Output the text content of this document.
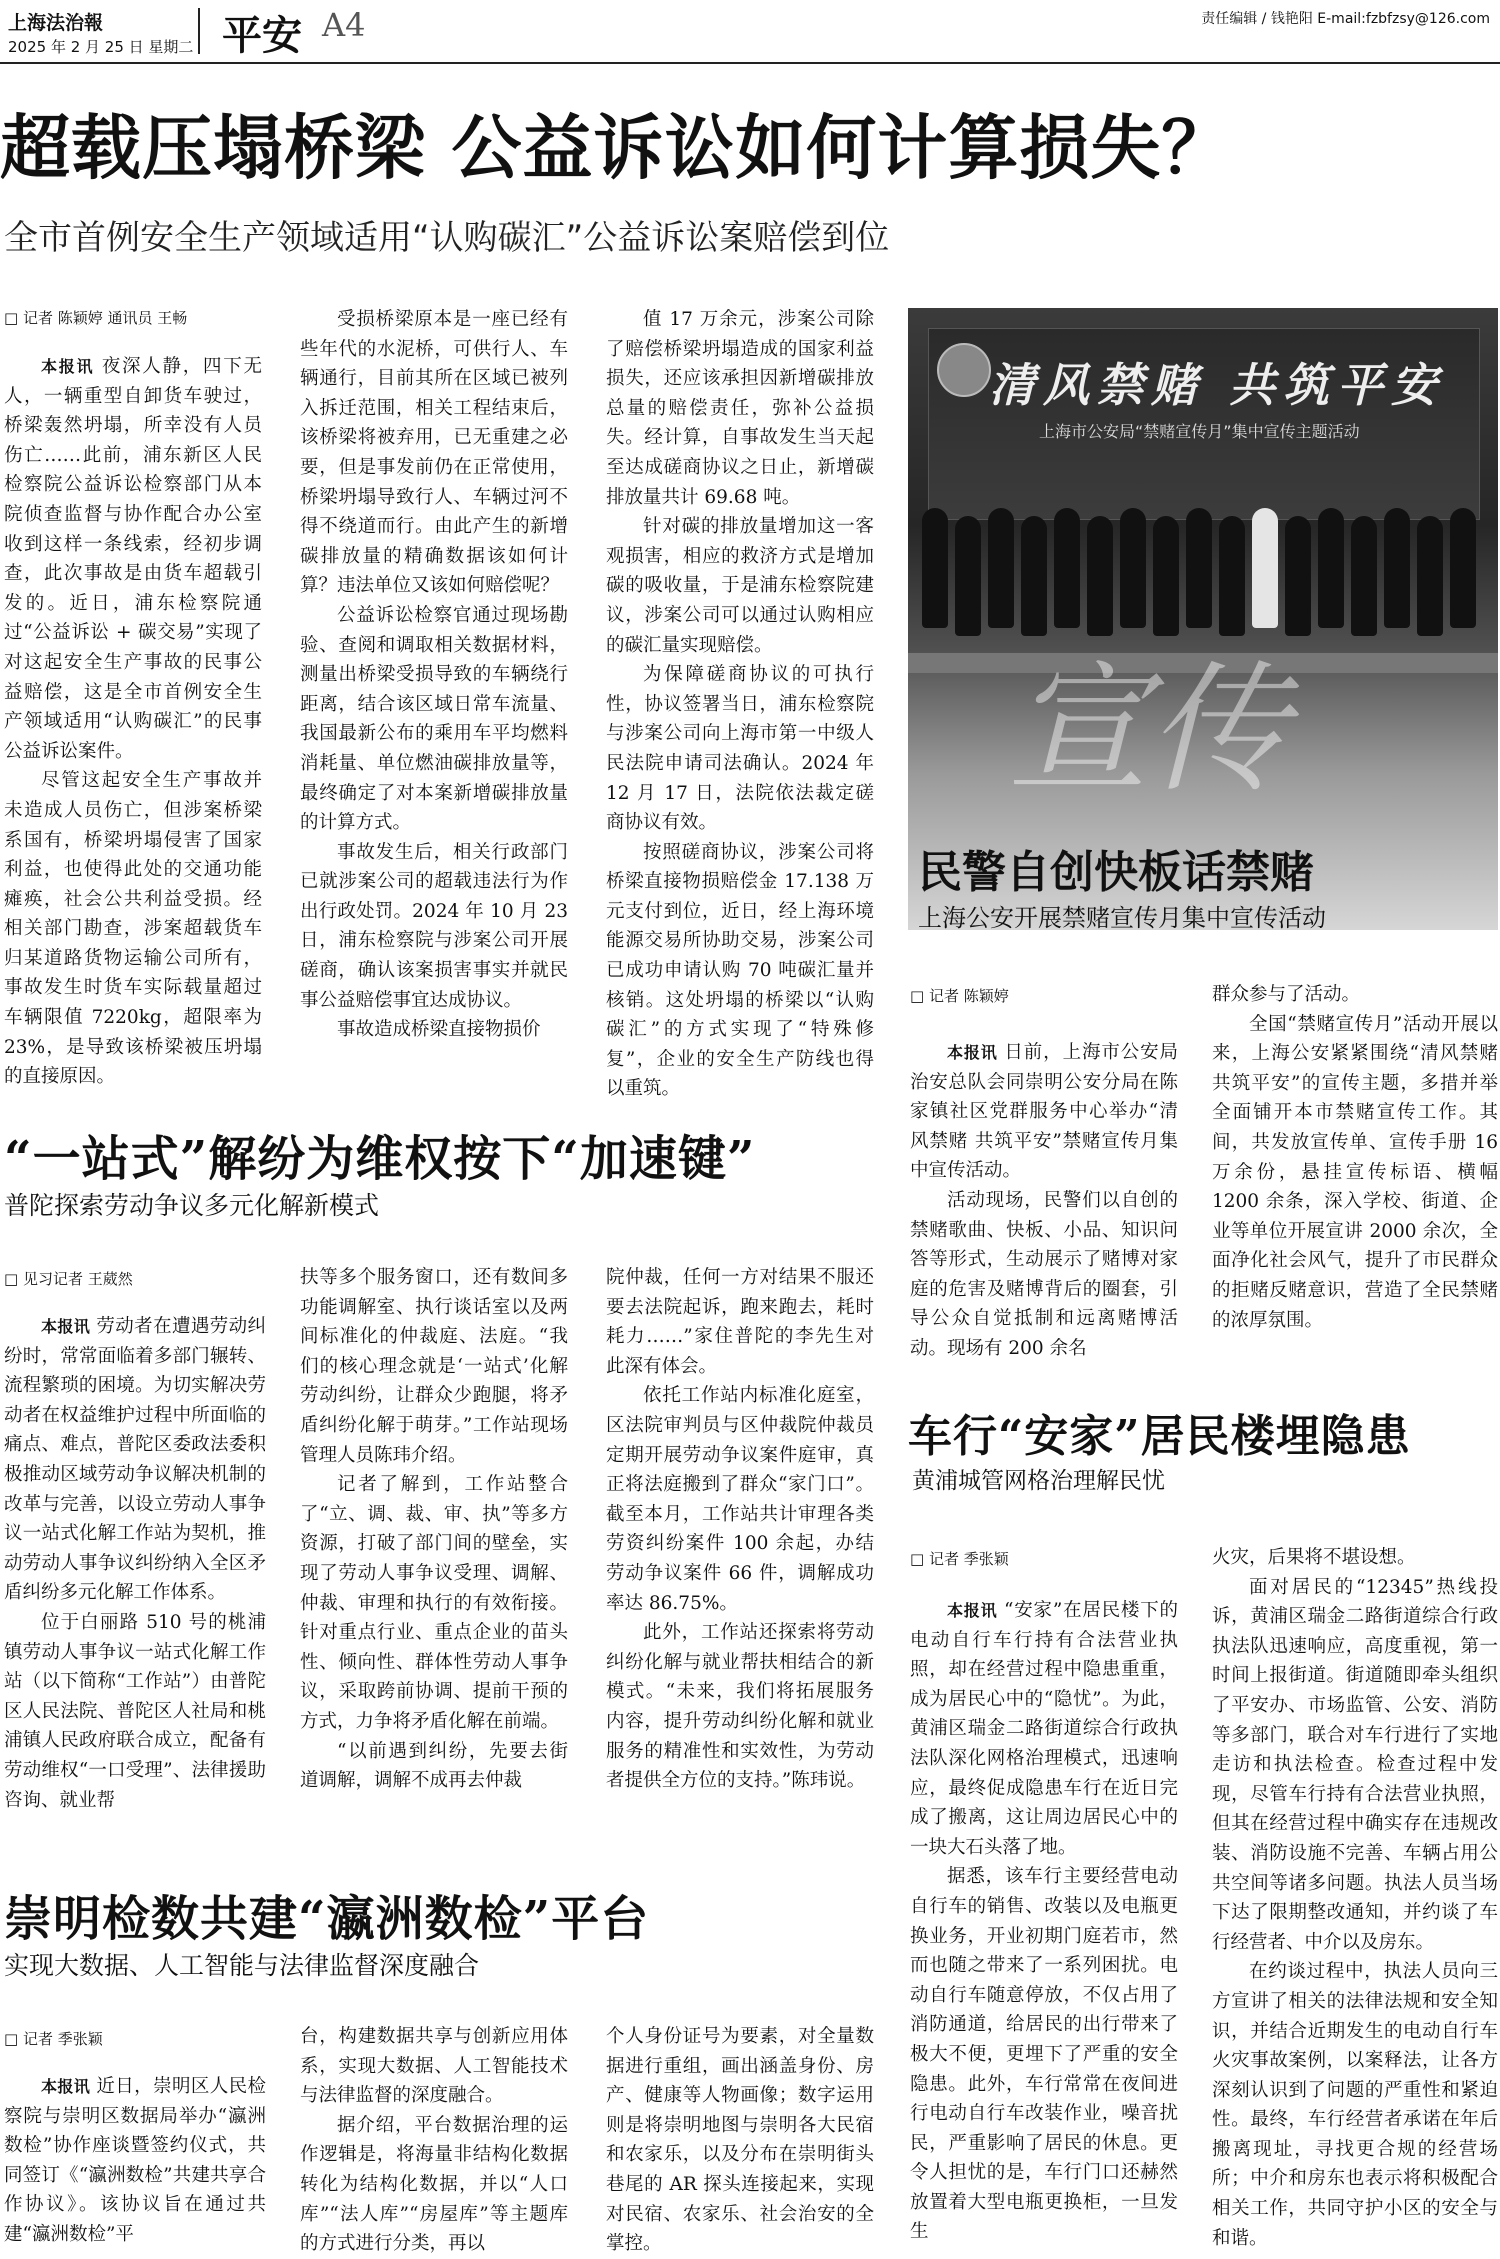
上海法治報
2025 年 2 月 25 日 星期二 平安 A4	责任编辑 / 钱艳阳 E-mail:fzbfzsy@126.com
超载压塌桥梁 公益诉讼如何计算损失？
全市首例安全生产领域适用“认购碳汇”公益诉讼案赔偿到位
□ 记者 陈颖婷 通讯员 王畅

本报讯 夜深人静，四下无人，一辆重型自卸货车驶过，桥梁轰然坍塌，所幸没有人员伤亡……此前，浦东新区人民检察院公益诉讼检察部门从本院侦查监督与协作配合办公室收到这样一条线索，经初步调查，此次事故是由货车超载引发的。近日，浦东检察院通过“公益诉讼 + 碳交易”实现了对这起安全生产事故的民事公益赔偿，这是全市首例安全生产领域适用“认购碳汇”的民事公益诉讼案件。

尽管这起安全生产事故并未造成人员伤亡，但涉案桥梁系国有，桥梁坍塌侵害了国家利益，也使得此处的交通功能瘫痪，社会公共利益受损。经相关部门勘查，涉案超载货车归某道路货物运输公司所有，事故发生时货车实际载量超过车辆限值 7220kg，超限率为 23%，是导致该桥梁被压坍塌的直接原因。

受损桥梁原本是一座已经有些年代的水泥桥，可供行人、车辆通行，目前其所在区域已被列入拆迁范围，相关工程结束后，该桥梁将被弃用，已无重建之必要，但是事发前仍在正常使用，桥梁坍塌导致行人、车辆过河不得不绕道而行。由此产生的新增碳排放量的精确数据该如何计算？违法单位又该如何赔偿呢？

公益诉讼检察官通过现场勘验、查阅和调取相关数据材料，测量出桥梁受损导致的车辆绕行距离，结合该区域日常车流量、我国最新公布的乘用车平均燃料消耗量、单位燃油碳排放量等，最终确定了对本案新增碳排放量的计算方式。

事故发生后，相关行政部门已就涉案公司的超载违法行为作出行政处罚。2024 年 10 月 23 日，浦东检察院与涉案公司开展磋商，确认该案损害事实并就民事公益赔偿事宜达成协议。

事故造成桥梁直接物损价

值 17 万余元，涉案公司除了赔偿桥梁坍塌造成的国家利益损失，还应该承担因新增碳排放总量的赔偿责任，弥补公益损失。经计算，自事故发生当天起至达成磋商协议之日止，新增碳排放量共计 69.68 吨。

针对碳的排放量增加这一客观损害，相应的救济方式是增加碳的吸收量，于是浦东检察院建议，涉案公司可以通过认购相应的碳汇量实现赔偿。

为保障磋商协议的可执行性，协议签署当日，浦东检察院与涉案公司向上海市第一中级人民法院申请司法确认。2024 年 12 月 17 日，法院依法裁定磋商协议有效。

按照磋商协议，涉案公司将桥梁直接物损赔偿金 17.138 万元支付到位，近日，经上海环境能源交易所协助交易，涉案公司已成功申请认购 70 吨碳汇量并核销。这处坍塌的桥梁以“认购碳汇”的方式实现了“特殊修复”，企业的安全生产防线也得以重筑。

清风禁赌 共筑平安
上海市公安局“禁赌宣传月”集中宣传主题活动
宣传
民警自创快板话禁赌
上海公安开展禁赌宣传月集中宣传活动
□ 记者 陈颖婷

本报讯 日前，上海市公安局治安总队会同崇明公安分局在陈家镇社区党群服务中心举办“清风禁赌 共筑平安”禁赌宣传月集中宣传活动。

活动现场，民警们以自创的禁赌歌曲、快板、小品、知识问答等形式，生动展示了赌博对家庭的危害及赌博背后的圈套，引导公众自觉抵制和远离赌博活动。现场有 200 余名

群众参与了活动。

全国“禁赌宣传月”活动开展以来，上海公安紧紧围绕“清风禁赌 共筑平安”的宣传主题，多措并举全面铺开本市禁赌宣传工作。其间，共发放宣传单、宣传手册 16 万余份，悬挂宣传标语、横幅 1200 余条，深入学校、街道、企业等单位开展宣讲 2000 余次，全面净化社会风气，提升了市民群众的拒赌反赌意识，营造了全民禁赌的浓厚氛围。

“一站式”解纷为维权按下“加速键”
普陀探索劳动争议多元化解新模式
□ 见习记者 王葳然

本报讯 劳动者在遭遇劳动纠纷时，常常面临着多部门辗转、流程繁琐的困境。为切实解决劳动者在权益维护过程中所面临的痛点、难点，普陀区委政法委积极推动区域劳动争议解决机制的改革与完善，以设立劳动人事争议一站式化解工作站为契机，推动劳动人事争议纠纷纳入全区矛盾纠纷多元化解工作体系。

位于白丽路 510 号的桃浦镇劳动人事争议一站式化解工作站（以下简称“工作站”）由普陀区人民法院、普陀区人社局和桃浦镇人民政府联合成立，配备有劳动维权“一口受理”、法律援助咨询、就业帮

扶等多个服务窗口，还有数间多功能调解室、执行谈话室以及两间标准化的仲裁庭、法庭。“我们的核心理念就是‘一站式’化解劳动纠纷，让群众少跑腿，将矛盾纠纷化解于萌芽。”工作站现场管理人员陈玮介绍。

记者了解到，工作站整合了“立、调、裁、审、执”等多方资源，打破了部门间的壁垒，实现了劳动人事争议受理、调解、仲裁、审理和执行的有效衔接。针对重点行业、重点企业的苗头性、倾向性、群体性劳动人事争议，采取跨前协调、提前干预的方式，力争将矛盾化解在前端。

“以前遇到纠纷，先要去街道调解，调解不成再去仲裁

院仲裁，任何一方对结果不服还要去法院起诉，跑来跑去，耗时耗力……”家住普陀的李先生对此深有体会。

依托工作站内标准化庭室，区法院审判员与区仲裁院仲裁员定期开展劳动争议案件庭审，真正将法庭搬到了群众“家门口”。截至本月，工作站共计审理各类劳资纠纷案件 100 余起，办结劳动争议案件 66 件，调解成功率达 86.75%。

此外，工作站还探索将劳动纠纷化解与就业帮扶相结合的新模式。“未来，我们将拓展服务内容，提升劳动纠纷化解和就业服务的精准性和实效性，为劳动者提供全方位的支持。”陈玮说。

车行“安家”居民楼埋隐患
黄浦城管网格治理解民忧
□ 记者 季张颖

本报讯 “安家”在居民楼下的电动自行车行持有合法营业执照，却在经营过程中隐患重重，成为居民心中的“隐忧”。为此，黄浦区瑞金二路街道综合行政执法队深化网格治理模式，迅速响应，最终促成隐患车行在近日完成了搬离，这让周边居民心中的一块大石头落了地。

据悉，该车行主要经营电动自行车的销售、改装以及电瓶更换业务，开业初期门庭若市，然而也随之带来了一系列困扰。电动自行车随意停放，不仅占用了消防通道，给居民的出行带来了极大不便，更埋下了严重的安全隐患。此外，车行常常在夜间进行电动自行车改装作业，噪音扰民，严重影响了居民的休息。更令人担忧的是，车行门口还赫然放置着大型电瓶更换柜，一旦发生

火灾，后果将不堪设想。

面对居民的“12345”热线投诉，黄浦区瑞金二路街道综合行政执法队迅速响应，高度重视，第一时间上报街道。街道随即牵头组织了平安办、市场监管、公安、消防等多部门，联合对车行进行了实地走访和执法检查。检查过程中发现，尽管车行持有合法营业执照，但其在经营过程中确实存在违规改装、消防设施不完善、车辆占用公共空间等诸多问题。执法人员当场下达了限期整改通知，并约谈了车行经营者、中介以及房东。

在约谈过程中，执法人员向三方宣讲了相关的法律法规和安全知识，并结合近期发生的电动自行车火灾事故案例，以案释法，让各方深刻认识到了问题的严重性和紧迫性。最终，车行经营者承诺在年后搬离现址，寻找更合规的经营场所；中介和房东也表示将积极配合相关工作，共同守护小区的安全与和谐。

崇明检数共建“瀛洲数检”平台
实现大数据、人工智能与法律监督深度融合
□ 记者 季张颖

本报讯 近日，崇明区人民检察院与崇明区数据局举办“瀛洲数检”协作座谈暨签约仪式，共同签订《“瀛洲数检”共建共享合作协议》。该协议旨在通过共建“瀛洲数检”平

台，构建数据共享与创新应用体系，实现大数据、人工智能技术与法律监督的深度融合。

据介绍，平台数据治理的运作逻辑是，将海量非结构化数据转化为结构化数据，并以“人口库”“法人库”“房屋库”等主题库的方式进行分类，再以

个人身份证号为要素，对全量数据进行重组，画出涵盖身份、房产、健康等人物画像；数字运用则是将崇明地图与崇明各大民宿和农家乐，以及分布在崇明街头巷尾的 AR 探头连接起来，实现对民宿、农家乐、社会治安的全掌控。
